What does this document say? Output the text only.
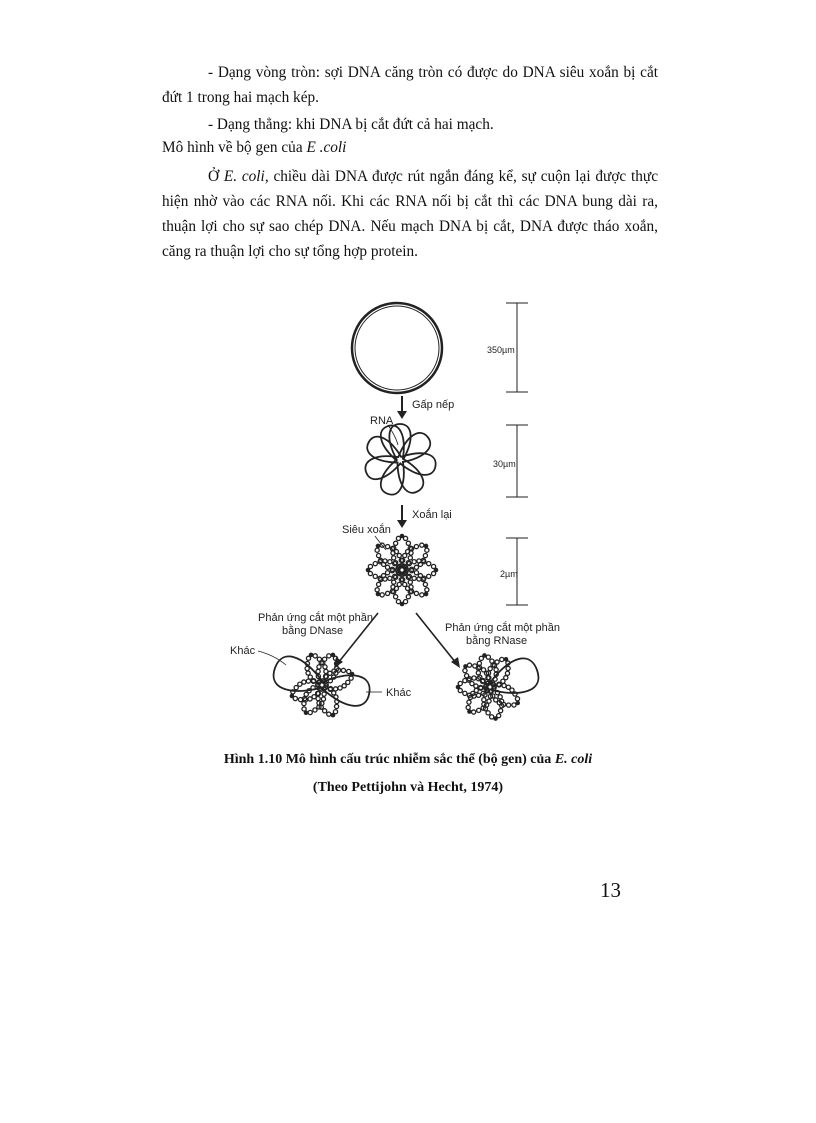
- Dạng vòng tròn: sợi DNA căng tròn có được do DNA siêu xoắn bị cắt đứt 1 trong hai mạch kép.

- Dạng thẳng: khi DNA bị cắt đứt cả hai mạch.

Mô hình về bộ gen của E .coli

Ở E. coli, chiều dài DNA được rút ngắn đáng kể, sự cuộn lại được thực hiện nhờ vào các RNA nối. Khi các RNA nối bị cắt thì các DNA bung dài ra, thuận lợi cho sự sao chép DNA. Nếu mạch DNA bị cắt, DNA được tháo xoắn, căng ra thuận lợi cho sự tổng hợp protein.

350µm
30µm
2µm
Gấp nếp
RNA
Xoắn lại
Siêu xoắn
Phản ứng cắt một phần
bằng DNase	Phản ứng cắt một phần
bằng RNase
Khác
Khác

Hình 1.10 Mô hình cấu trúc nhiễm sắc thể (bộ gen) của E. coli

(Theo Pettijohn và Hecht, 1974)

13
